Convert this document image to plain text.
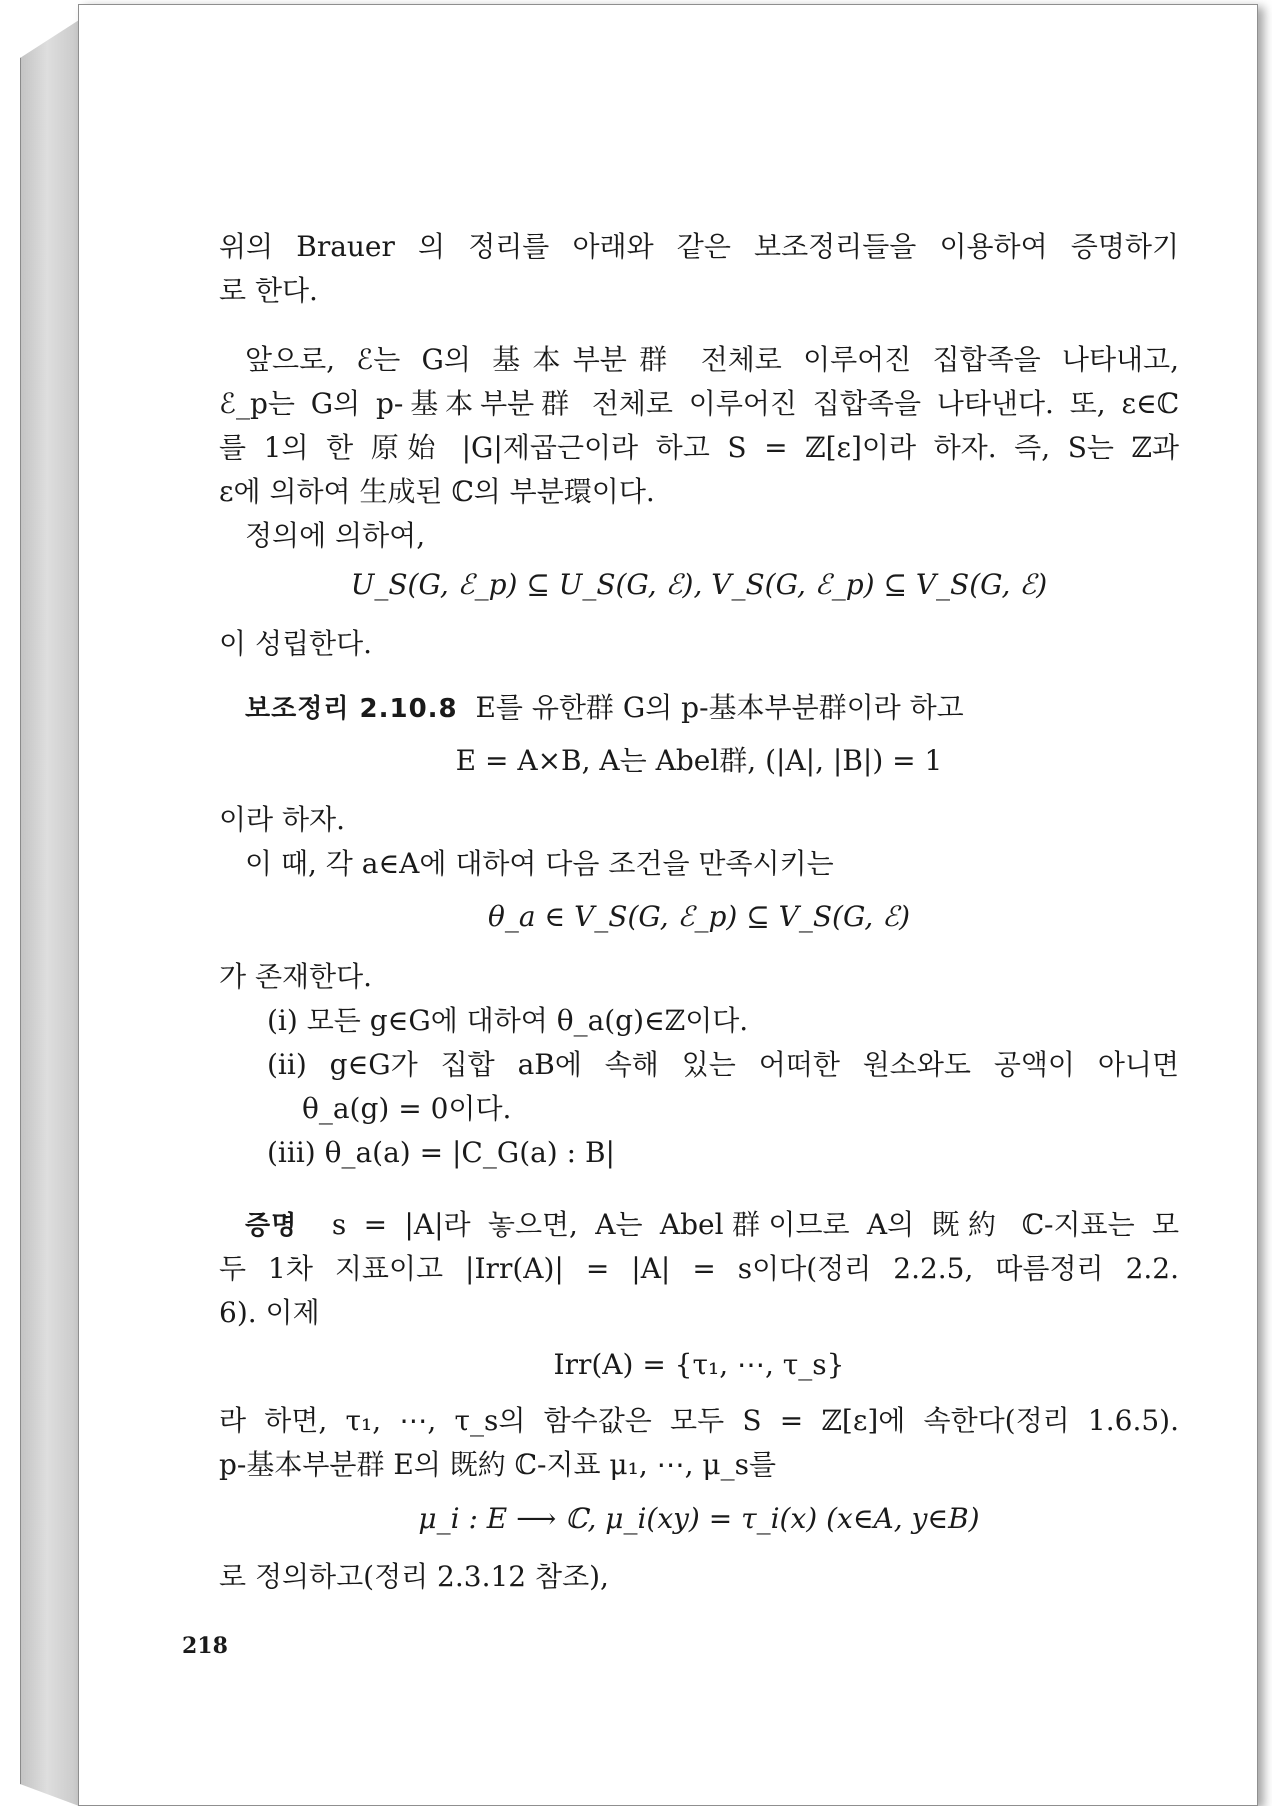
위의 Brauer 의 정리를 아래와 같은 보조정리들을 이용하여 증명하기
로 한다.
앞으로, ℰ는 G의 基本부분群 전체로 이루어진 집합족을 나타내고,
ℰ_p는 G의 p-基本부분群 전체로 이루어진 집합족을 나타낸다. 또, ε∈ℂ
를 1의 한 原始 |G|제곱근이라 하고 S = ℤ[ε]이라 하자. 즉, S는 ℤ과
ε에 의하여 生成된 ℂ의 부분環이다.
정의에 의하여,
U_S(G, ℰ_p) ⊆ U_S(G, ℰ), V_S(G, ℰ_p) ⊆ V_S(G, ℰ)
이 성립한다.
보조정리 2.10.8 E를 유한群 G의 p-基本부분群이라 하고
E = A×B, A는 Abel群, (|A|, |B|) = 1
이라 하자.
이 때, 각 a∈A에 대하여 다음 조건을 만족시키는
θ_a ∈ V_S(G, ℰ_p) ⊆ V_S(G, ℰ)
가 존재한다.
(i) 모든 g∈G에 대하여 θ_a(g)∈ℤ이다.
(ii) g∈G가 집합 aB에 속해 있는 어떠한 원소와도 공액이 아니면
θ_a(g) = 0이다.
(iii) θ_a(a) = |C_G(a) : B|
증명 s = |A|라 놓으면, A는 Abel群이므로 A의 既約 ℂ-지표는 모
두 1차 지표이고 |Irr(A)| = |A| = s이다(정리 2.2.5, 따름정리 2.2.
6). 이제
Irr(A) = {τ₁, ⋯, τ_s}
라 하면, τ₁, ⋯, τ_s의 함수값은 모두 S = ℤ[ε]에 속한다(정리 1.6.5).
p-基本부분群 E의 既約 ℂ-지표 μ₁, ⋯, μ_s를
μ_i : E ⟶ ℂ, μ_i(xy) = τ_i(x) (x∈A, y∈B)
로 정의하고(정리 2.3.12 참조),
218
